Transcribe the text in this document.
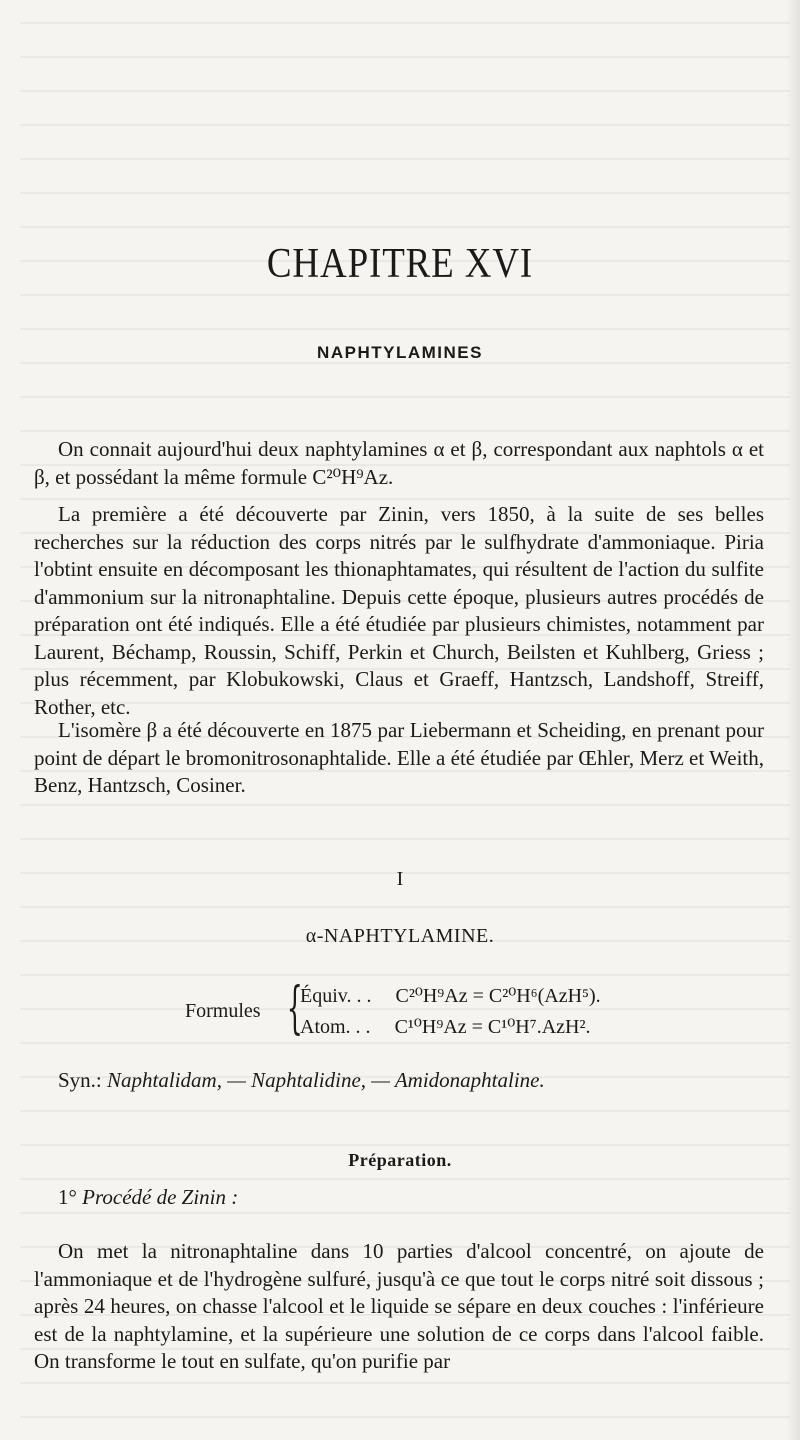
CHAPITRE XVI
NAPHTYLAMINES

On connait aujourd'hui deux naphtylamines α et β, correspondant aux naphtols α et β, et possédant la même formule C²⁰H⁹Az.

La première a été découverte par Zinin, vers 1850, à la suite de ses belles recherches sur la réduction des corps nitrés par le sulfhydrate d'ammoniaque. Piria l'obtint ensuite en décomposant les thionaphtamates, qui résultent de l'action du sulfite d'ammonium sur la nitronaphtaline. Depuis cette époque, plusieurs autres procédés de préparation ont été indiqués. Elle a été étudiée par plusieurs chimistes, notamment par Laurent, Béchamp, Roussin, Schiff, Perkin et Church, Beilsten et Kuhlberg, Griess ; plus récemment, par Klobukowski, Claus et Graeff, Hantzsch, Landshoff, Streiff, Rother, etc.

L'isomère β a été découverte en 1875 par Liebermann et Scheiding, en prenant pour point de départ le bromonitrosonaphtalide. Elle a été étudiée par Œhler, Merz et Weith, Benz, Hantzsch, Cosiner.

I
α-NAPHTYLAMINE.
Formules {
Équiv. . . C²⁰H⁹Az = C²⁰H⁶(AzH⁵).
Atom. . . C¹⁰H⁹Az = C¹⁰H⁷.AzH².
Syn.: Naphtalidam, — Naphtalidine, — Amidonaphtaline.
Préparation.
1° Procédé de Zinin :

On met la nitronaphtaline dans 10 parties d'alcool concentré, on ajoute de l'ammoniaque et de l'hydrogène sulfuré, jusqu'à ce que tout le corps nitré soit dissous ; après 24 heures, on chasse l'alcool et le liquide se sépare en deux couches : l'inférieure est de la naphtylamine, et la supérieure une solution de ce corps dans l'alcool faible. On transforme le tout en sulfate, qu'on purifie par
